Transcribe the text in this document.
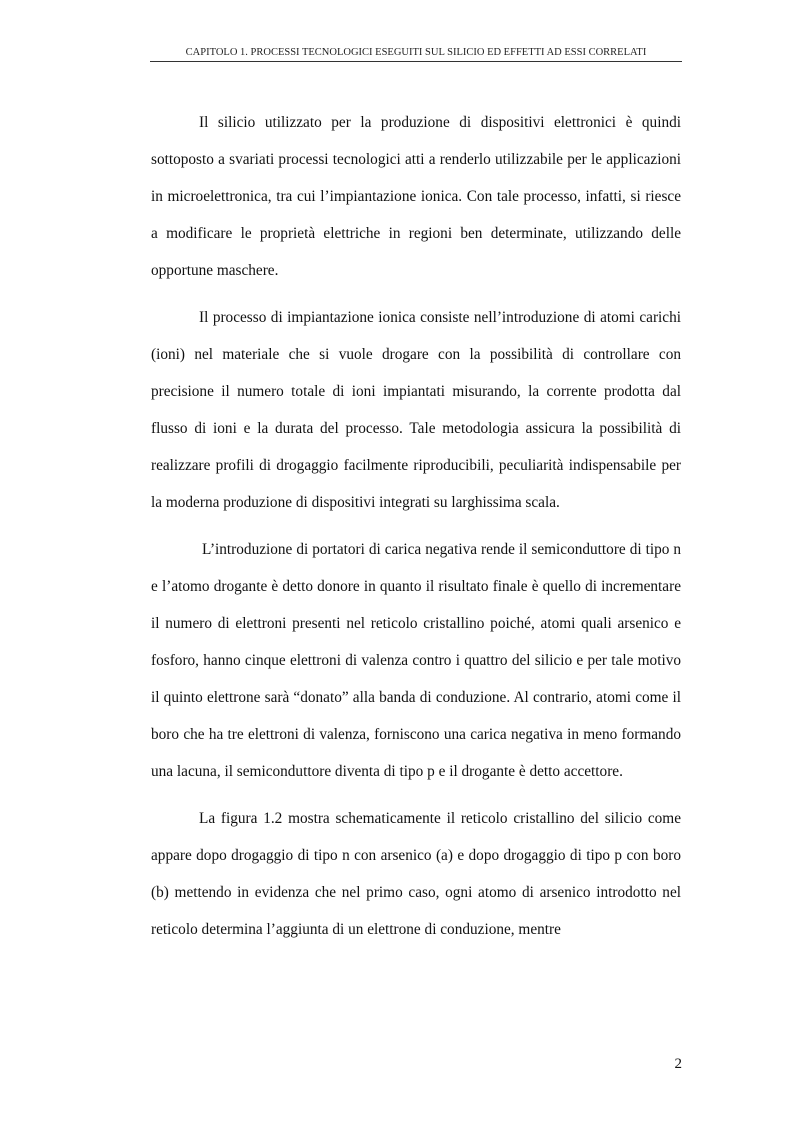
CAPITOLO 1. PROCESSI TECNOLOGICI ESEGUITI SUL SILICIO ED EFFETTI AD ESSI CORRELATI

Il silicio utilizzato per la produzione di dispositivi elettronici è quindi sottoposto a svariati processi tecnologici atti a renderlo utilizzabile per le applicazioni in microelettronica, tra cui l’impiantazione ionica. Con tale processo, infatti, si riesce a modificare le proprietà elettriche in regioni ben determinate, utilizzando delle opportune maschere.

Il processo di impiantazione ionica consiste nell’introduzione di atomi carichi (ioni) nel materiale che si vuole drogare con la possibilità di controllare con precisione il numero totale di ioni impiantati misurando, la corrente prodotta dal flusso di ioni e la durata del processo. Tale metodologia assicura la possibilità di realizzare profili di drogaggio facilmente riproducibili, peculiarità indispensabile per la moderna produzione di dispositivi integrati su larghissima scala.

L’introduzione di portatori di carica negativa rende il semiconduttore di tipo n e l’atomo drogante è detto donore in quanto il risultato finale è quello di incrementare il numero di elettroni presenti nel reticolo cristallino poiché, atomi quali arsenico e fosforo, hanno cinque elettroni di valenza contro i quattro del silicio e per tale motivo il quinto elettrone sarà “donato” alla banda di conduzione. Al contrario, atomi come il boro che ha tre elettroni di valenza, forniscono una carica negativa in meno formando una lacuna, il semiconduttore diventa di tipo p e il drogante è detto accettore.

La figura 1.2 mostra schematicamente il reticolo cristallino del silicio come appare dopo drogaggio di tipo n con arsenico (a) e dopo drogaggio di tipo p con boro (b) mettendo in evidenza che nel primo caso, ogni atomo di arsenico introdotto nel reticolo determina l’aggiunta di un elettrone di conduzione, mentre

2
